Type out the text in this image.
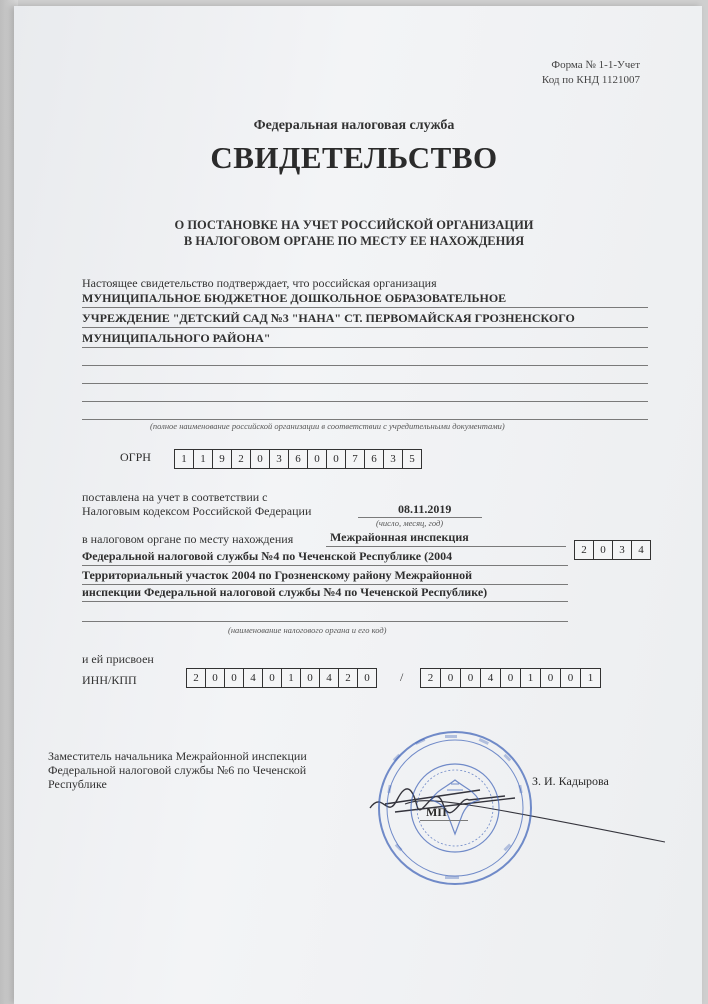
Форма № 1-1-Учет
Код по КНД 1121007
Федеральная налоговая служба
СВИДЕТЕЛЬСТВО
О ПОСТАНОВКЕ НА УЧЕТ РОССИЙСКОЙ ОРГАНИЗАЦИИ
В НАЛОГОВОМ ОРГАНЕ ПО МЕСТУ ЕЕ НАХОЖДЕНИЯ
Настоящее свидетельство подтверждает, что российская организация
МУНИЦИПАЛЬНОЕ БЮДЖЕТНОЕ ДОШКОЛЬНОЕ ОБРАЗОВАТЕЛЬНОЕ
УЧРЕЖДЕНИЕ "ДЕТСКИЙ САД №3 "НАНА" СТ. ПЕРВОМАЙСКАЯ ГРОЗНЕНСКОГО
МУНИЦИПАЛЬНОГО РАЙОНА"
(полное наименование российской организации в соответствии с учредительными документами)
ОГРН	1	1	9	2	0	3	6	0	0	7	6	3	5
поставлена на учет в соответствии с
Налоговым кодексом Российской Федерации	08.11.2019
(число, месяц, год)
в налоговом органе по месту нахождения	Межрайонная инспекция
Федеральной налоговой службы №4 по Чеченской Республике (2004
Территориальный участок 2004 по Грозненскому району Межрайонной
инспекции Федеральной налоговой службы №4 по Чеченской Республике)
(наименование налогового органа и его код)
2	0	3	4
и ей присвоен
ИНН/КПП	2	0	0	4	0	1	0	4	2	0	/	2	0	0	4	0	1	0	0	1
Заместитель начальника Межрайонной инспекции Федеральной налоговой службы №6 по Чеченской Республике	З. И. Кадырова
МП
